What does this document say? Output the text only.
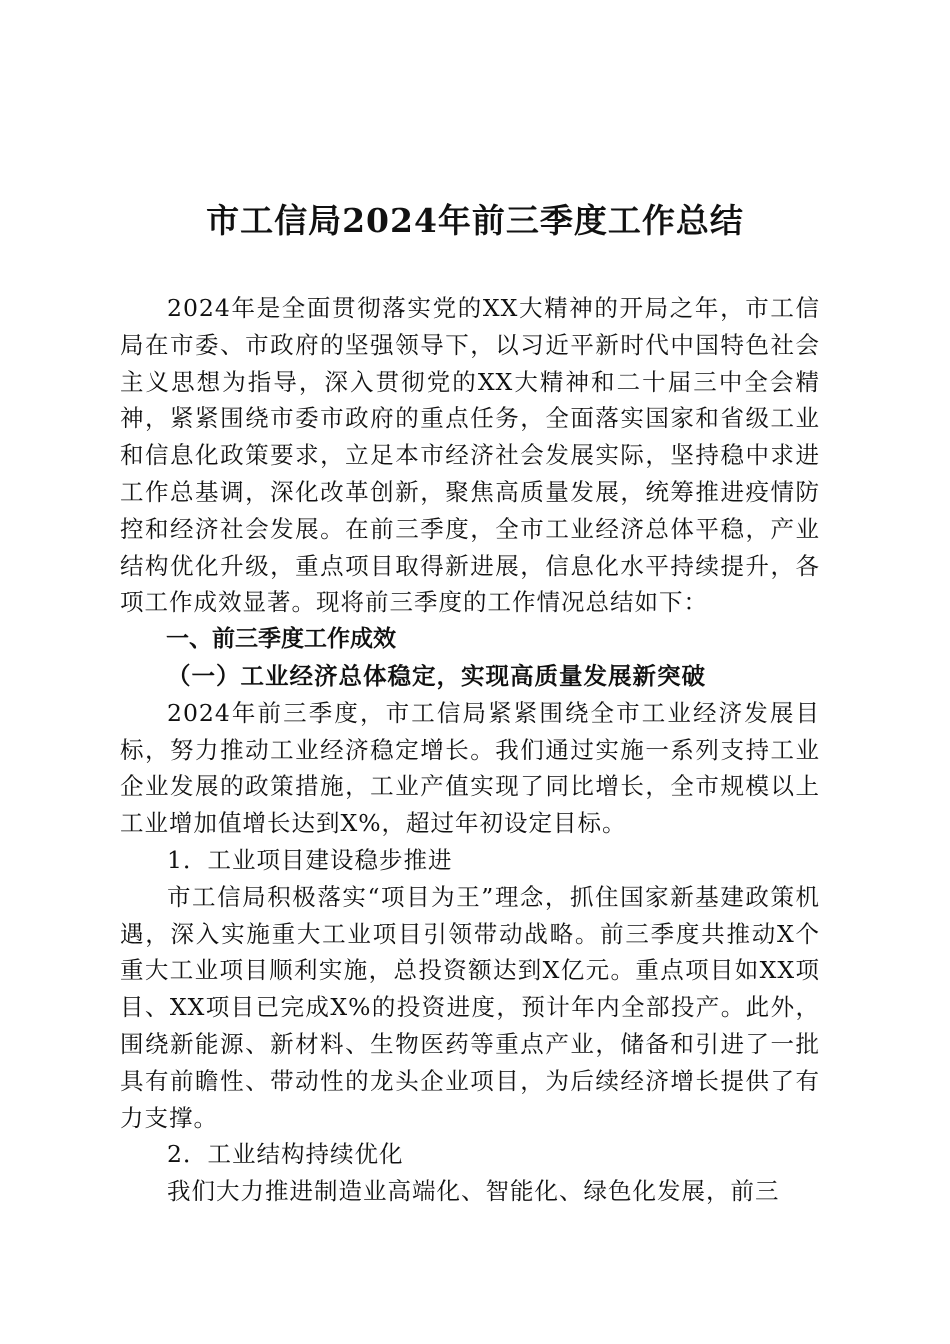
市工信局2024年前三季度工作总结

2024年是全面贯彻落实党的XX大精神的开局之年，市工信局在市委、市政府的坚强领导下，以习近平新时代中国特色社会主义思想为指导，深入贯彻党的XX大精神和二十届三中全会精神，紧紧围绕市委市政府的重点任务，全面落实国家和省级工业和信息化政策要求，立足本市经济社会发展实际，坚持稳中求进工作总基调，深化改革创新，聚焦高质量发展，统筹推进疫情防控和经济社会发展。在前三季度，全市工业经济总体平稳，产业结构优化升级，重点项目取得新进展，信息化水平持续提升，各项工作成效显著。现将前三季度的工作情况总结如下：

一、前三季度工作成效

（一）工业经济总体稳定，实现高质量发展新突破

2024年前三季度，市工信局紧紧围绕全市工业经济发展目标，努力推动工业经济稳定增长。我们通过实施一系列支持工业企业发展的政策措施，工业产值实现了同比增长，全市规模以上工业增加值增长达到X%，超过年初设定目标。

1．工业项目建设稳步推进

市工信局积极落实“项目为王”理念，抓住国家新基建政策机遇，深入实施重大工业项目引领带动战略。前三季度共推动X个重大工业项目顺利实施，总投资额达到X亿元。重点项目如XX项目、XX项目已完成X%的投资进度，预计年内全部投产。此外，围绕新能源、新材料、生物医药等重点产业，储备和引进了一批具有前瞻性、带动性的龙头企业项目，为后续经济增长提供了有力支撑。

2．工业结构持续优化

我们大力推进制造业高端化、智能化、绿色化发展，前三
